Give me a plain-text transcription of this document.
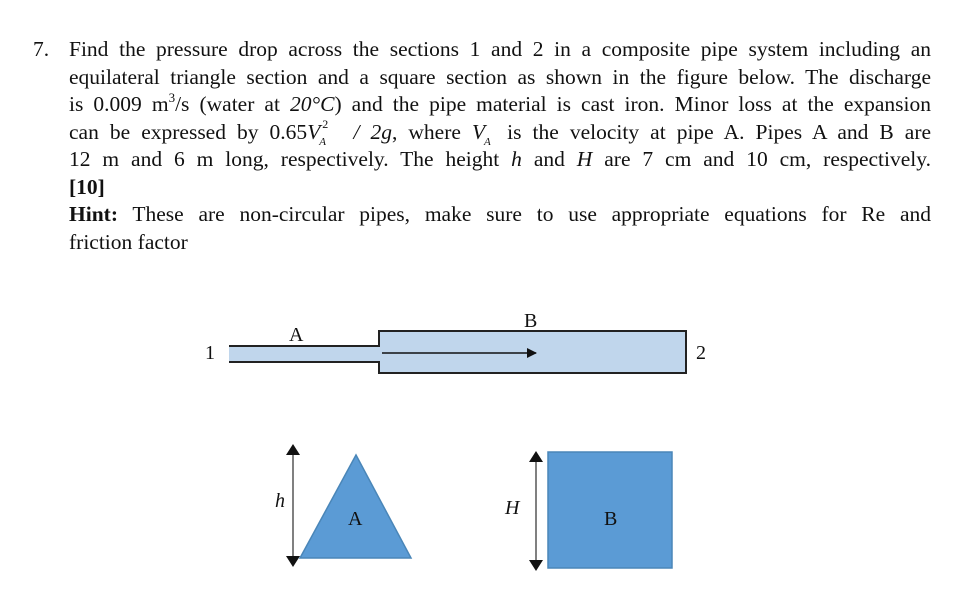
7. Find the pressure drop across the sections 1 and 2 in a composite pipe system including an
equilateral triangle section and a square section as shown in the figure below. The discharge
is 0.009 $m^3/s$ (water at 20°C) and the pipe material is cast iron. Minor loss at the expansion
can be expressed by 0.65V 2
A / 2g, where V
A is the velocity at pipe A. Pipes A and B are
12 m and 6 m long, respectively. The height h and H are 7 cm and 10 cm, respectively.
[10]
Hint: These are non-circular pipes, make sure to use appropriate equations for Re and
friction factor
1	2
A
B
A	B
h	H
